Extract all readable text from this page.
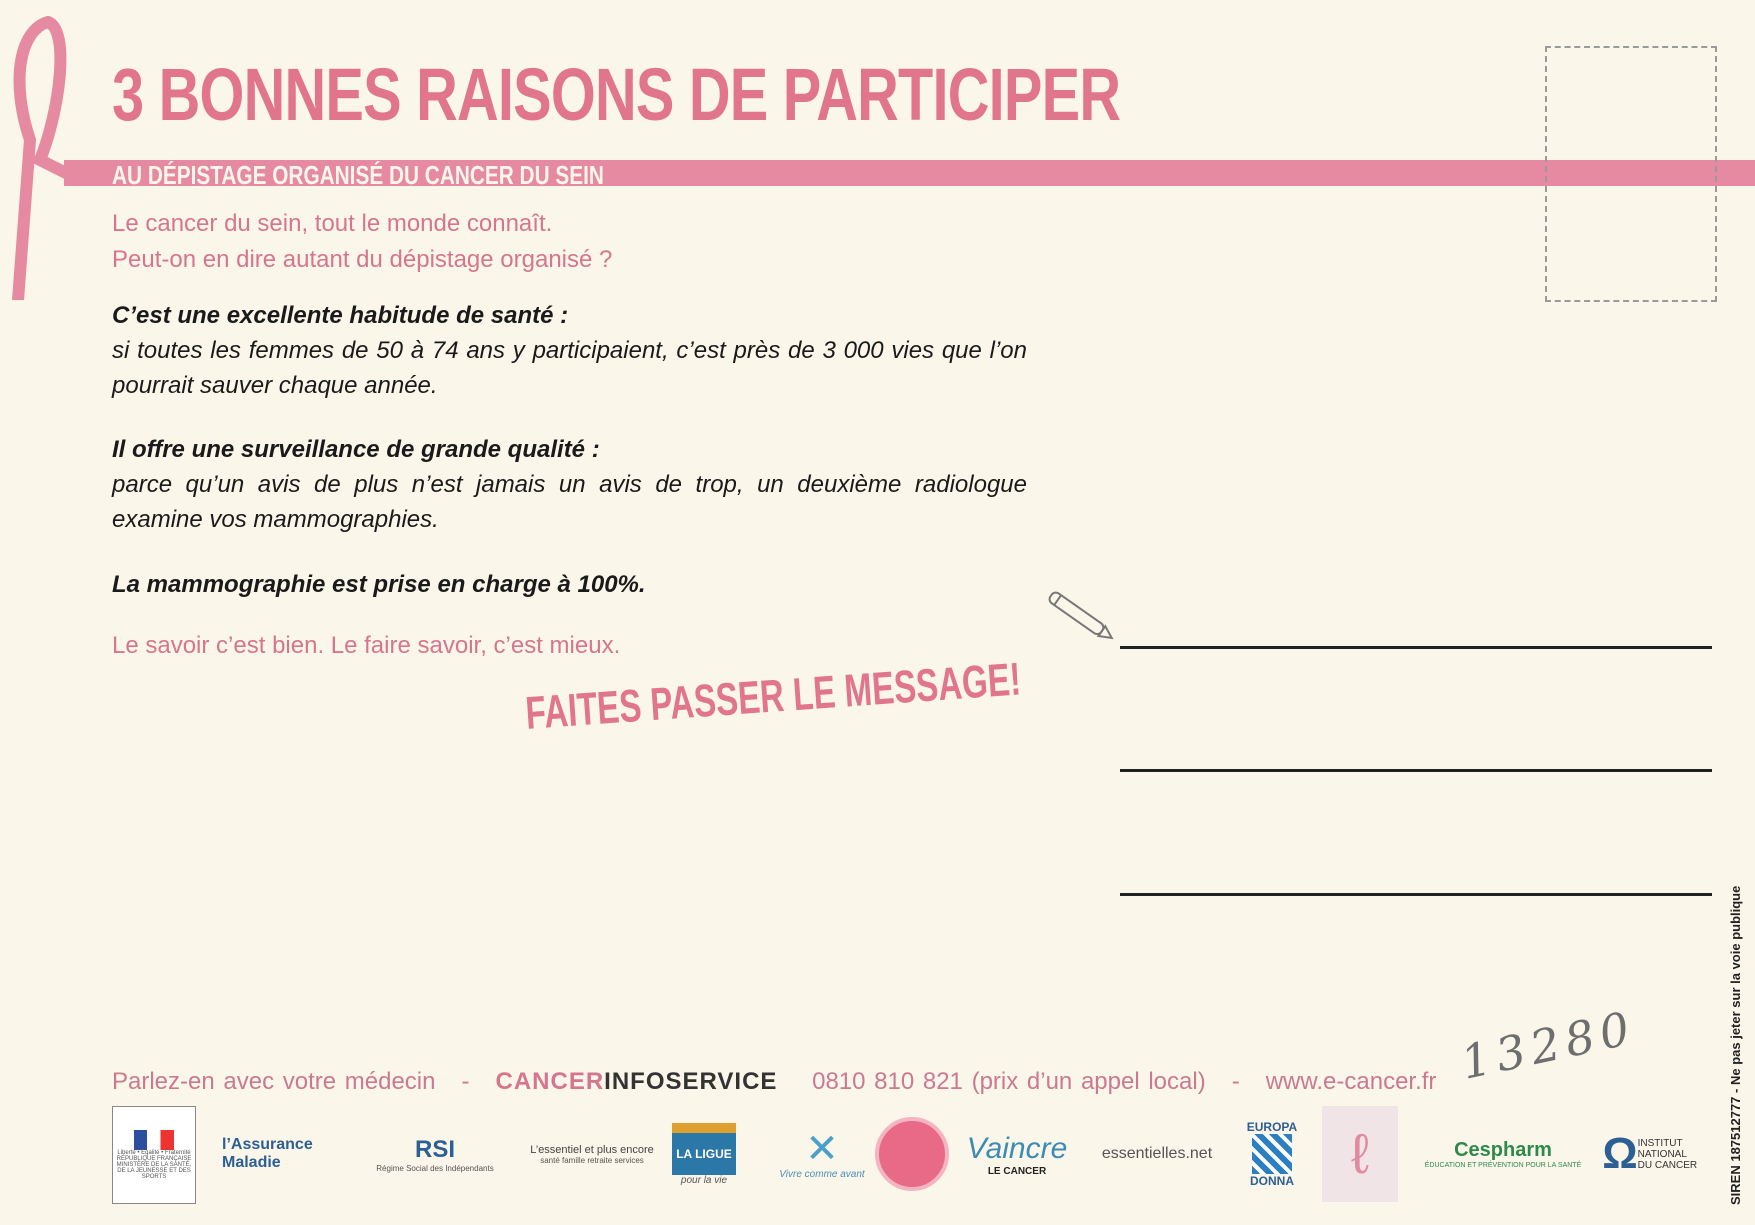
3 BONNES RAISONS DE PARTICIPER
AU DÉPISTAGE ORGANISÉ DU CANCER DU SEIN
Le cancer du sein, tout le monde connaît.
Peut-on en dire autant du dépistage organisé ?
C’est une excellente habitude de santé :
si toutes les femmes de 50 à 74 ans y participaient, c’est près de 3 000 vies que l’on pourrait sauver chaque année.
Il offre une surveillance de grande qualité :
parce qu’un avis de plus n’est jamais un avis de trop, un deuxième radiologue examine vos mammographies.
La mammographie est prise en charge à 100%.
Le savoir c’est bien. Le faire savoir, c’est mieux.
FAITES PASSER LE MESSAGE!
13280
Parlez-en avec votre médecin - CANCERINFOSERVICE 0810 810 821 (prix d’un appel local) - www.e-cancer.fr
Liberté • Égalité • Fraternité
RÉPUBLIQUE FRANÇAISE
MINISTÈRE DE LA SANTÉ, DE LA JEUNESSE ET DES SPORTS
l’Assurance Maladie	RSI
Régime Social des Indépendants
L’essentiel et plus encore
santé famille retraite services	LA LIGUE
pour la vie
✕
Vivre comme avant
Vaincre
LE CANCER
essentielles.net
EUROPA
DONNA ℓ	Cespharm
ÉDUCATION ET PRÉVENTION POUR LA SANTÉ Ω INSTITUT NATIONAL DU CANCER SIREN 187512777 - Ne pas jeter sur la voie publique
